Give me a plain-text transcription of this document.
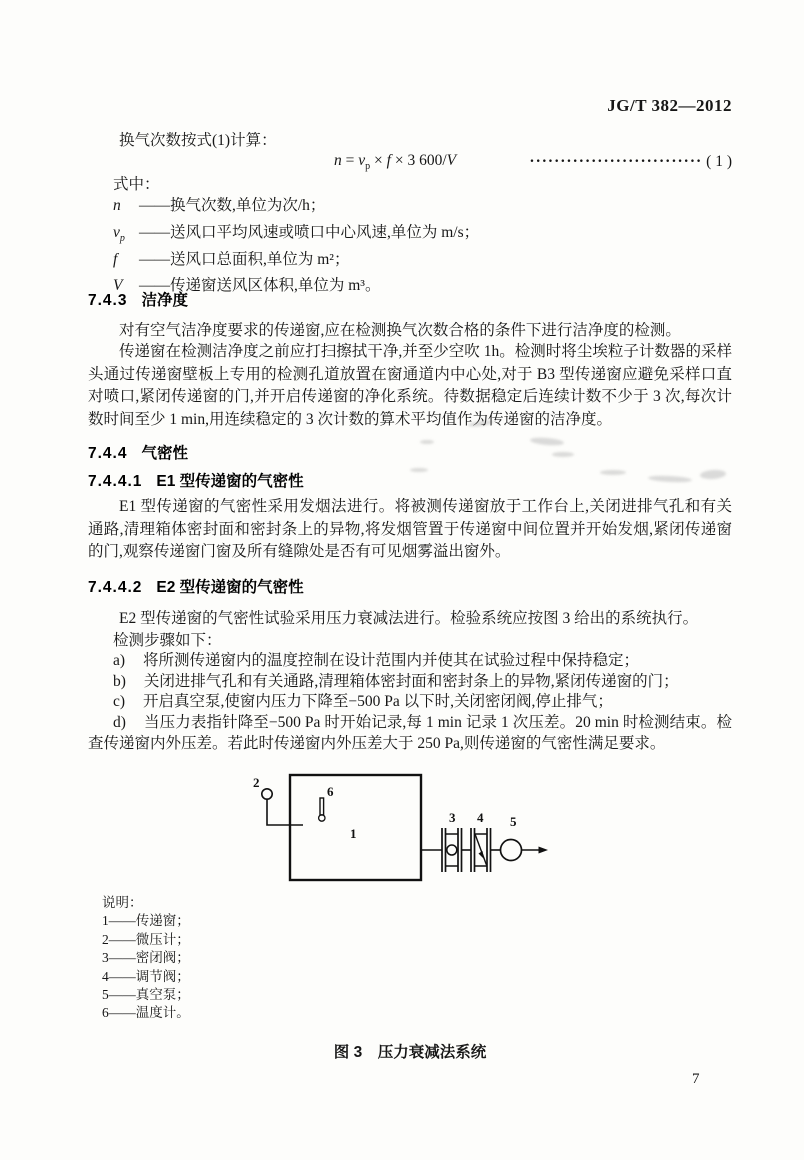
JG/T 382—2012
换气次数按式(1)计算：
$n = v_p \times f \times 3$ 600/V	···························· ( 1 )
式中：
n	——换气次数,单位为次/h；
$v_p$ ——送风口平均风速或喷口中心风速,单位为 m/s；
f	——送风口总面积,单位为 m²；
V	——传递窗送风区体积,单位为 m³。
7.4.3 洁净度
对有空气洁净度要求的传递窗,应在检测换气次数合格的条件下进行洁净度的检测。
传递窗在检测洁净度之前应打扫擦拭干净,并至少空吹 1h。检测时将尘埃粒子计数器的采样头通过传递窗壁板上专用的检测孔道放置在窗通道内中心处,对于 B3 型传递窗应避免采样口直对喷口,紧闭传递窗的门,并开启传递窗的净化系统。待数据稳定后连续计数不少于 3 次,每次计数时间至少 1 min,用连续稳定的 3 次计数的算术平均值作为传递窗的洁净度。
7.4.4 气密性
7.4.4.1 E1 型传递窗的气密性
E1 型传递窗的气密性采用发烟法进行。将被测传递窗放于工作台上,关闭进排气孔和有关通路,清理箱体密封面和密封条上的异物,将发烟管置于传递窗中间位置并开始发烟,紧闭传递窗的门,观察传递窗门窗及所有缝隙处是否有可见烟雾溢出窗外。
7.4.4.2 E2 型传递窗的气密性
E2 型传递窗的气密性试验采用压力衰减法进行。检验系统应按图 3 给出的系统执行。
检测步骤如下：
a) 将所测传递窗内的温度控制在设计范围内并使其在试验过程中保持稳定；
b) 关闭进排气孔和有关通路,清理箱体密封面和密封条上的异物,紧闭传递窗的门；
c) 开启真空泵,使窗内压力下降至−500 Pa 以下时,关闭密闭阀,停止排气；
d) 当压力表指针降至−500 Pa 时开始记录,每 1 min 记录 1 次压差。20 min 时检测结束。检查传递窗内外压差。若此时传递窗内外压差大于 250 Pa,则传递窗的气密性满足要求。
1
2
6
3 4 5
说明：
1——传递窗；
2——微压计；
3——密闭阀；
4——调节阀；
5——真空泵；
6——温度计。
图 3　压力衰减法系统
7
